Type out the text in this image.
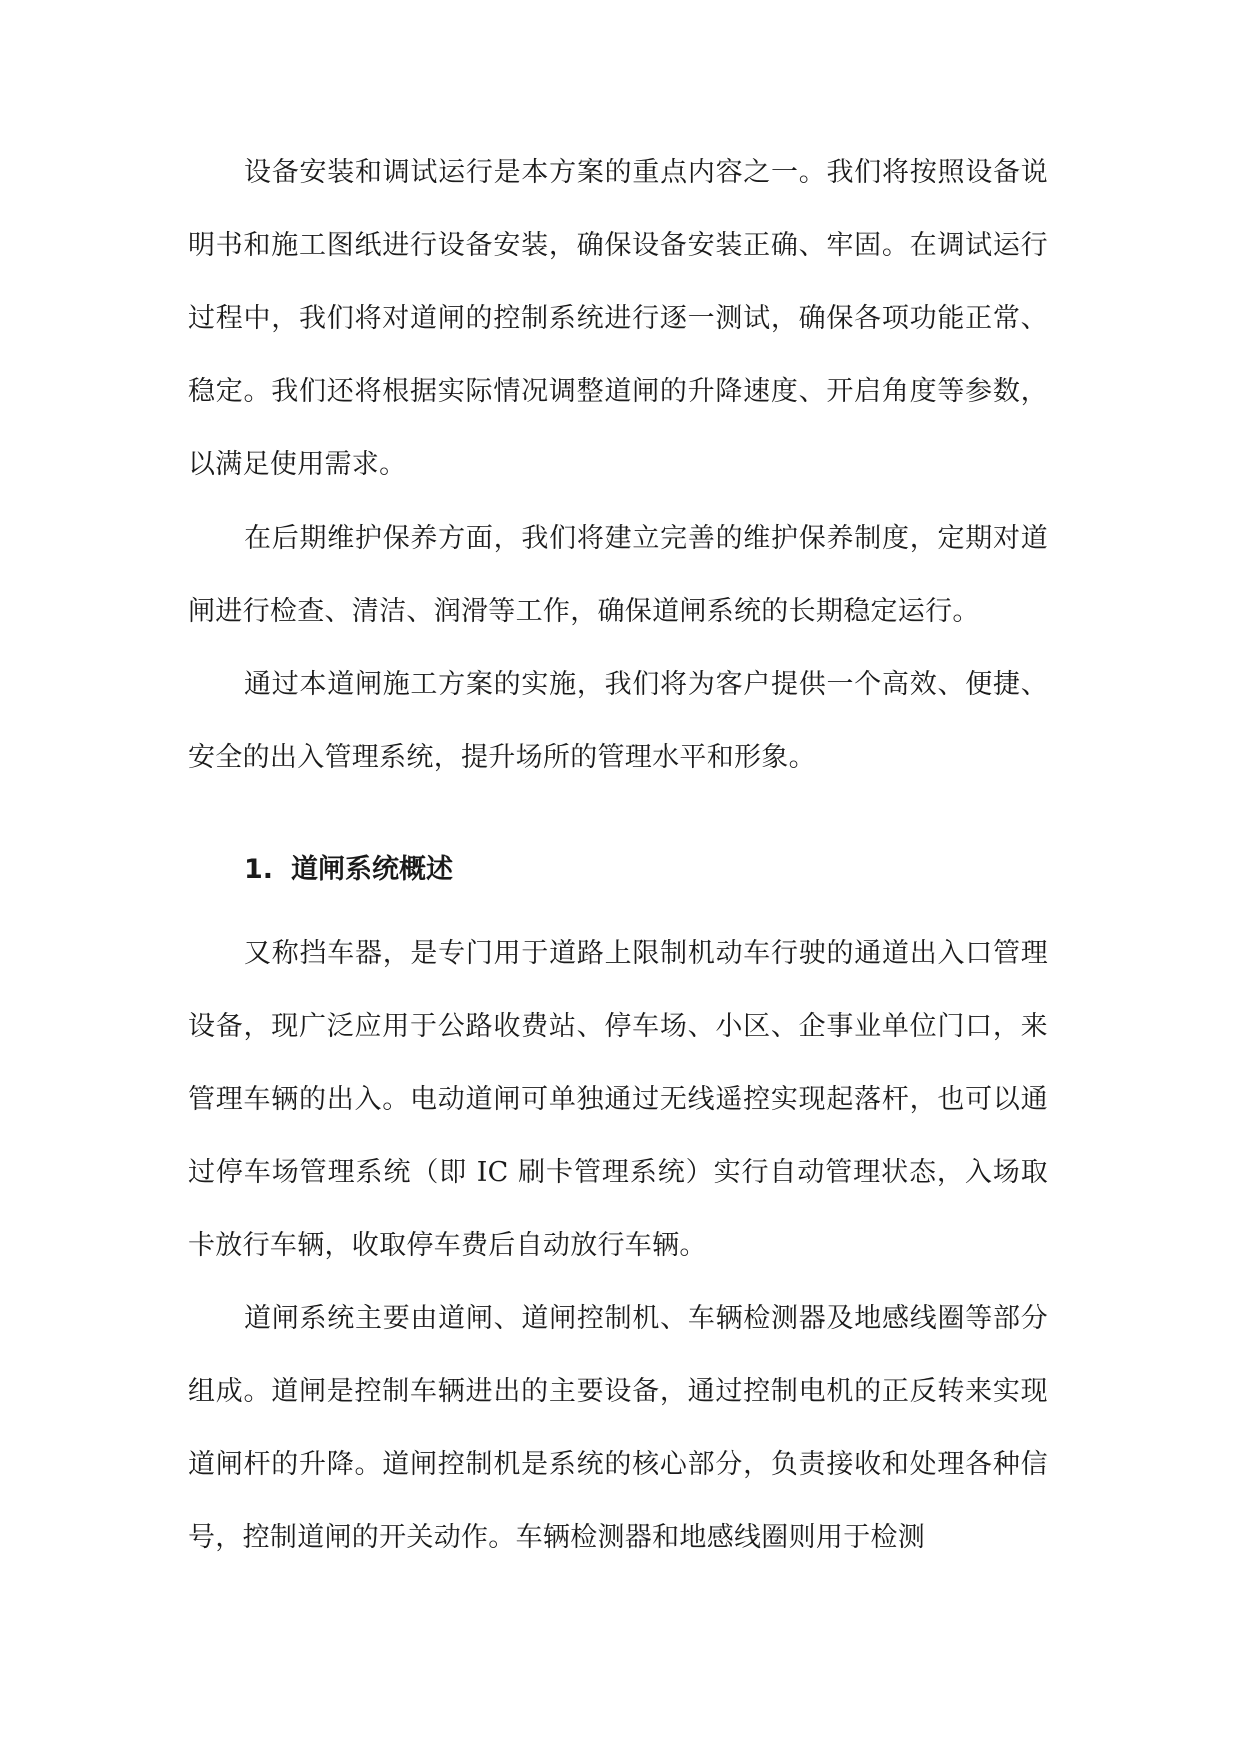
设备安装和调试运行是本方案的重点内容之一。我们将按照设备说明书和施工图纸进行设备安装，确保设备安装正确、牢固。在调试运行过程中，我们将对道闸的控制系统进行逐一测试，确保各项功能正常、稳定。我们还将根据实际情况调整道闸的升降速度、开启角度等参数，以满足使用需求。

在后期维护保养方面，我们将建立完善的维护保养制度，定期对道闸进行检查、清洁、润滑等工作，确保道闸系统的长期稳定运行。

通过本道闸施工方案的实施，我们将为客户提供一个高效、便捷、安全的出入管理系统，提升场所的管理水平和形象。

1. 道闸系统概述

又称挡车器，是专门用于道路上限制机动车行驶的通道出入口管理设备，现广泛应用于公路收费站、停车场、小区、企事业单位门口，来管理车辆的出入。电动道闸可单独通过无线遥控实现起落杆，也可以通过停车场管理系统（即 IC 刷卡管理系统）实行自动管理状态，入场取卡放行车辆，收取停车费后自动放行车辆。

道闸系统主要由道闸、道闸控制机、车辆检测器及地感线圈等部分组成。道闸是控制车辆进出的主要设备，通过控制电机的正反转来实现道闸杆的升降。道闸控制机是系统的核心部分，负责接收和处理各种信号，控制道闸的开关动作。车辆检测器和地感线圈则用于检测
